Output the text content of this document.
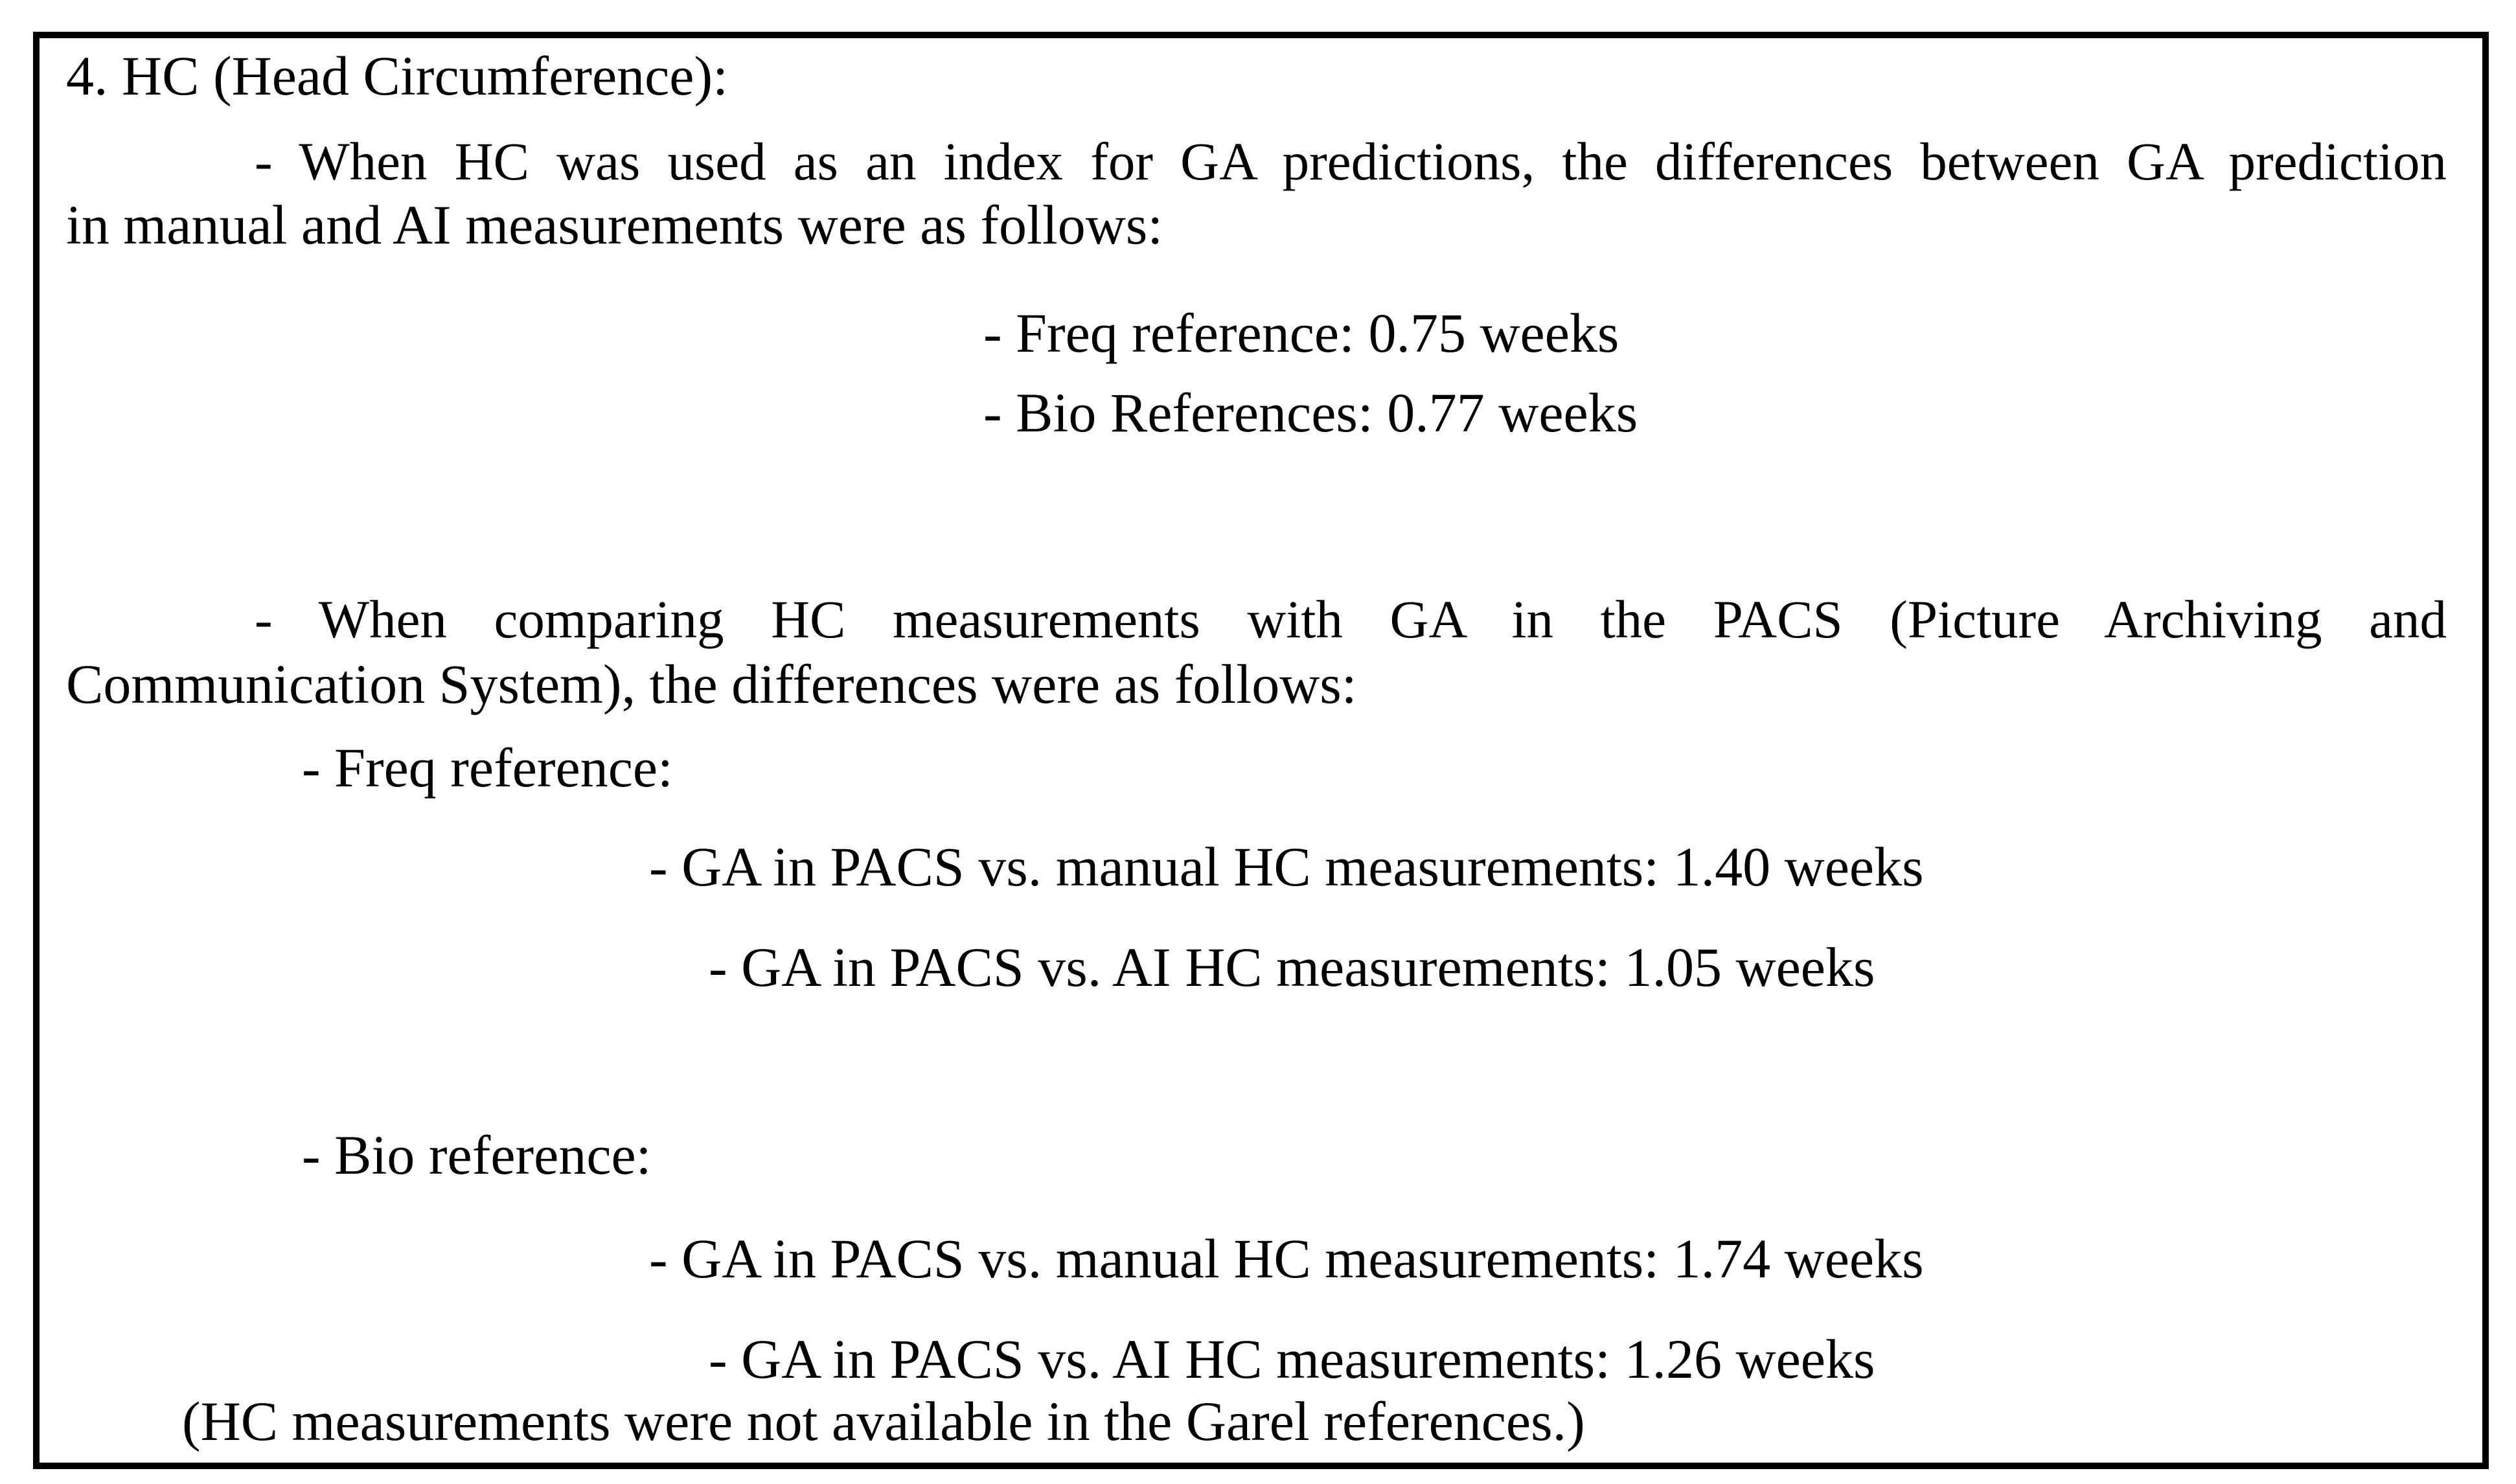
4. HC (Head Circumference):
- When HC was used as an index for GA predictions, the differences between GA prediction
in manual and AI measurements were as follows:
- Freq reference: 0.75 weeks
- Bio References: 0.77 weeks
- When comparing HC measurements with GA in the PACS (Picture Archiving and
Communication System), the differences were as follows:
- Freq reference:
- GA in PACS vs. manual HC measurements: 1.40 weeks
- GA in PACS vs. AI HC measurements: 1.05 weeks
- Bio reference:
- GA in PACS vs. manual HC measurements: 1.74 weeks
- GA in PACS vs. AI HC measurements: 1.26 weeks
(HC measurements were not available in the Garel references.)
